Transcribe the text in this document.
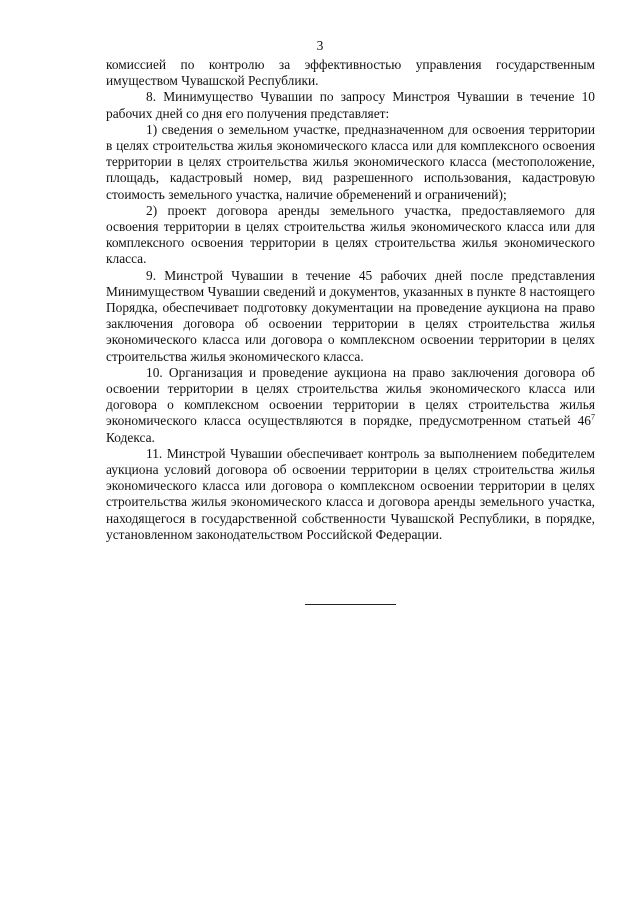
3

комиссией по контролю за эффективностью управления государственным имуществом Чувашской Республики.

8. Минимущество Чувашии по запросу Минстроя Чувашии в течение 10 рабочих дней со дня его получения представляет:

1) сведения о земельном участке, предназначенном для освоения территории в целях строительства жилья экономического класса или для комплексного освоения территории в целях строительства жилья экономического класса (местоположение, площадь, кадастровый номер, вид разрешенного использования, кадастровую стоимость земельного участка, наличие обременений и ограничений);

2) проект договора аренды земельного участка, предоставляемого для освоения территории в целях строительства жилья экономического класса или для комплексного освоения территории в целях строительства жилья экономического класса.

9. Минстрой Чувашии в течение 45 рабочих дней после представления Минимуществом Чувашии сведений и документов, указанных в пункте 8 настоящего Порядка, обеспечивает подготовку документации на проведение аукциона на право заключения договора об освоении территории в целях строительства жилья экономического класса или договора о комплексном освоении территории в целях строительства жилья экономического класса.

10. Организация и проведение аукциона на право заключения договора об освоении территории в целях строительства жилья экономического класса или договора о комплексном освоении территории в целях строительства жилья экономического класса осуществляются в порядке, предусмотренном статьей $46^7$ Кодекса.

11. Минстрой Чувашии обеспечивает контроль за выполнением победителем аукциона условий договора об освоении территории в целях строительства жилья экономического класса или договора о комплексном освоении территории в целях строительства жилья экономического класса и договора аренды земельного участка, находящегося в государственной собственности Чувашской Республики, в порядке, установленном законодательством Российской Федерации.
